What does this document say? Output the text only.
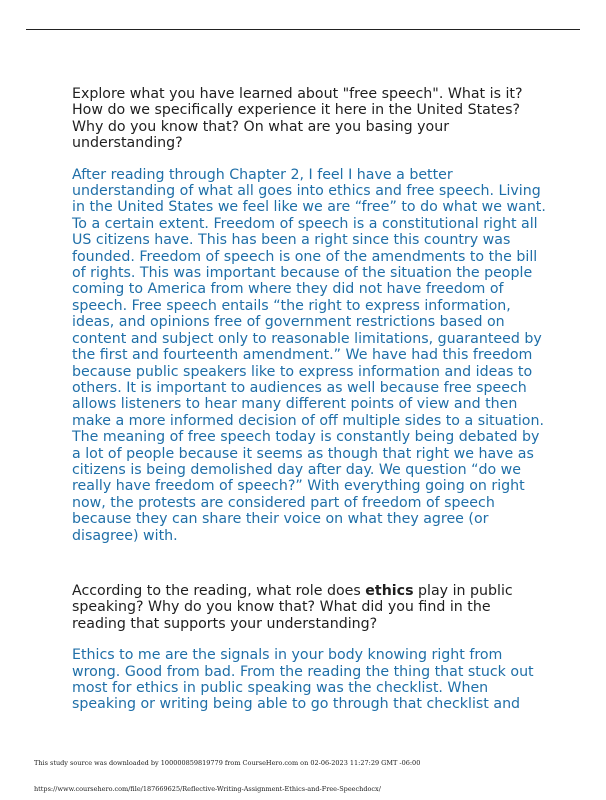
Explore what you have learned about "free speech". What is it? How do we specifically experience it here in the United States? Why do you know that? On what are you basing your understanding?

After reading through Chapter 2, I feel I have a better understanding of what all goes into ethics and free speech. Living in the United States we feel like we are “free” to do what we want. To a certain extent. Freedom of speech is a constitutional right all US citizens have. This has been a right since this country was founded. Freedom of speech is one of the amendments to the bill of rights. This was important because of the situation the people coming to America from where they did not have freedom of speech. Free speech entails “the right to express information, ideas, and opinions free of government restrictions based on content and subject only to reasonable limitations, guaranteed by the first and fourteenth amendment.” We have had this freedom because public speakers like to express information and ideas to others. It is important to audiences as well because free speech allows listeners to hear many different points of view and then make a more informed decision of off multiple sides to a situation. The meaning of free speech today is constantly being debated by a lot of people because it seems as though that right we have as citizens is being demolished day after day. We question “do we really have freedom of speech?” With everything going on right now, the protests are considered part of freedom of speech because they can share their voice on what they agree (or disagree) with.

According to the reading, what role does ethics play in public speaking? Why do you know that? What did you find in the reading that supports your understanding?

Ethics to me are the signals in your body knowing right from wrong. Good from bad. From the reading the thing that stuck out most for ethics in public speaking was the checklist. When speaking or writing being able to go through that checklist and

This study source was downloaded by 100000859819779 from CourseHero.com on 02-06-2023 11:27:29 GMT -06:00
https://www.coursehero.com/file/187669625/Reflective-Writing-Assignment-Ethics-and-Free-Speechdocx/
